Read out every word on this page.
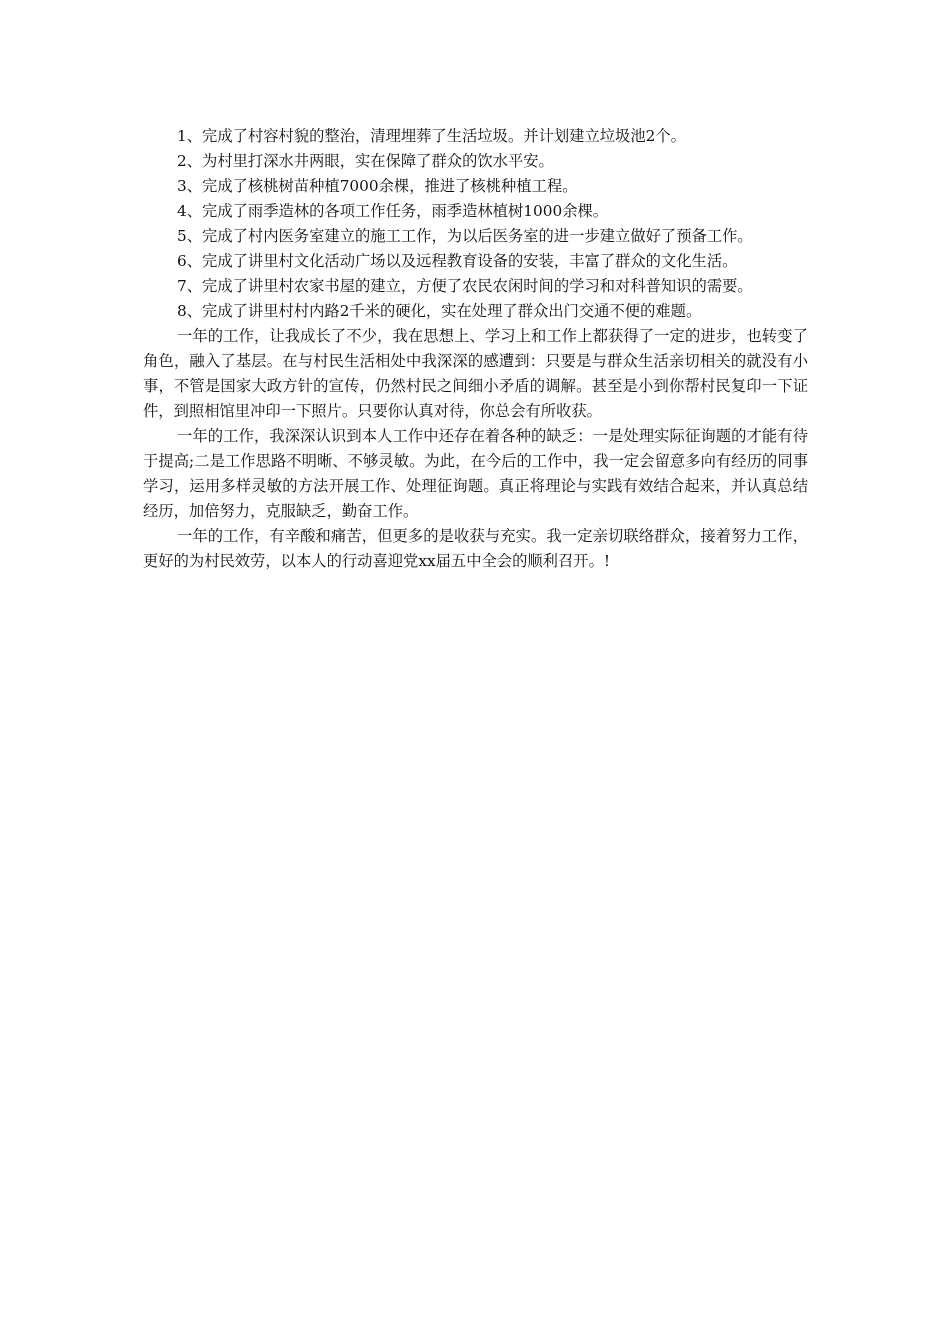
1、完成了村容村貌的整治，清理埋葬了生活垃圾。并计划建立垃圾池2个。

2、为村里打深水井两眼，实在保障了群众的饮水平安。

3、完成了核桃树苗种植7000余棵，推进了核桃种植工程。

4、完成了雨季造林的各项工作任务，雨季造林植树1000余棵。

5、完成了村内医务室建立的施工工作，为以后医务室的进一步建立做好了预备工作。

6、完成了讲里村文化活动广场以及远程教育设备的安装，丰富了群众的文化生活。

7、完成了讲里村农家书屋的建立，方便了农民农闲时间的学习和对科普知识的需要。

8、完成了讲里村村内路2千米的硬化，实在处理了群众出门交通不便的难题。

一年的工作，让我成长了不少，我在思想上、学习上和工作上都获得了一定的进步，也转变了角色，融入了基层。在与村民生活相处中我深深的感遭到：只要是与群众生活亲切相关的就没有小事，不管是国家大政方针的宣传，仍然村民之间细小矛盾的调解。甚至是小到你帮村民复印一下证件，到照相馆里冲印一下照片。只要你认真对待，你总会有所收获。

一年的工作，我深深认识到本人工作中还存在着各种的缺乏：一是处理实际征询题的才能有待于提高;二是工作思路不明晰、不够灵敏。为此，在今后的工作中，我一定会留意多向有经历的同事学习，运用多样灵敏的方法开展工作、处理征询题。真正将理论与实践有效结合起来，并认真总结经历，加倍努力，克服缺乏，勤奋工作。

一年的工作，有辛酸和痛苦，但更多的是收获与充实。我一定亲切联络群众，接着努力工作，更好的为村民效劳，以本人的行动喜迎党xx届五中全会的顺利召开。!
